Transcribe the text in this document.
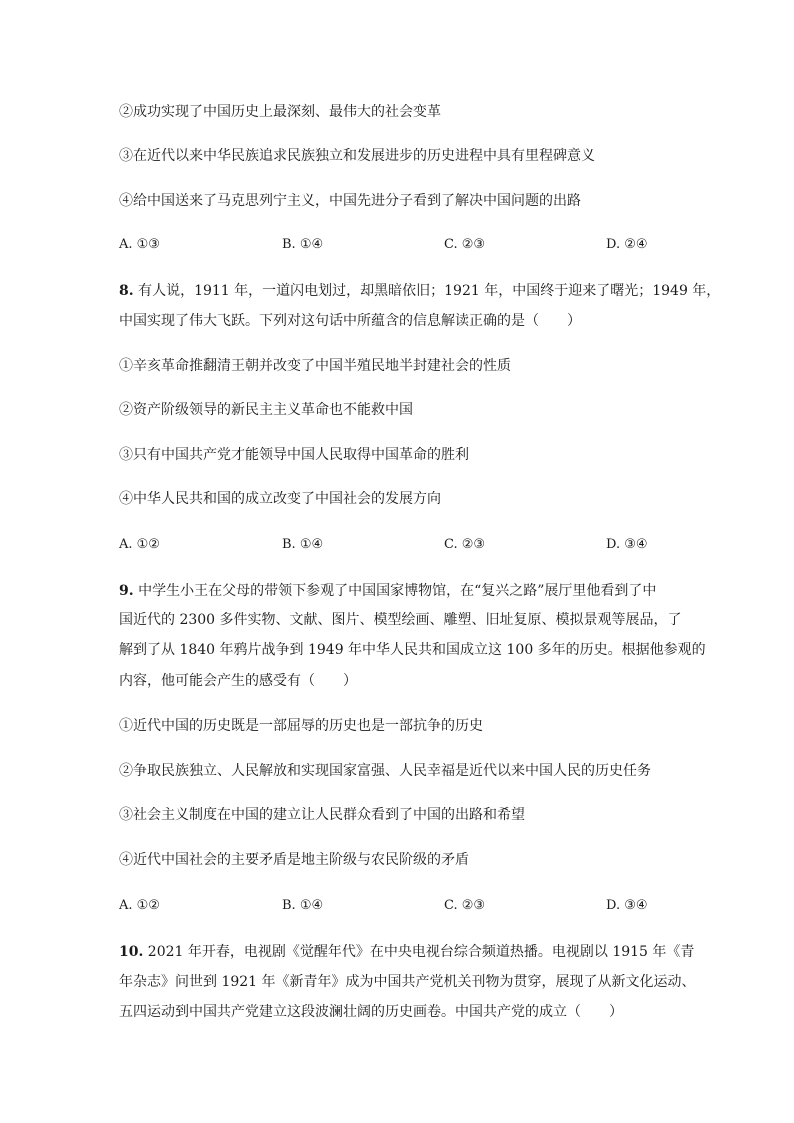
②成功实现了中国历史上最深刻、最伟大的社会变革
③在近代以来中华民族追求民族独立和发展进步的历史进程中具有里程碑意义
④给中国送来了马克思列宁主义，中国先进分子看到了解决中国问题的出路
A. ①③	B. ①④	C. ②③	D. ②④
8. 有人说，1911 年，一道闪电划过，却黑暗依旧；1921 年，中国终于迎来了曙光；1949 年，
中国实现了伟大飞跃。下列对这句话中所蕴含的信息解读正确的是（　　）
①辛亥革命推翻清王朝并改变了中国半殖民地半封建社会的性质
②资产阶级领导的新民主主义革命也不能救中国
③只有中国共产党才能领导中国人民取得中国革命的胜利
④中华人民共和国的成立改变了中国社会的发展方向
A. ①②	B. ①④	C. ②③	D. ③④
9. 中学生小王在父母的带领下参观了中国国家博物馆，在“复兴之路”展厅里他看到了中
国近代的 2300 多件实物、文献、图片、模型绘画、雕塑、旧址复原、模拟景观等展品，了
解到了从 1840 年鸦片战争到 1949 年中华人民共和国成立这 100 多年的历史。根据他参观的
内容，他可能会产生的感受有（　　）
①近代中国的历史既是一部屈辱的历史也是一部抗争的历史
②争取民族独立、人民解放和实现国家富强、人民幸福是近代以来中国人民的历史任务
③社会主义制度在中国的建立让人民群众看到了中国的出路和希望
④近代中国社会的主要矛盾是地主阶级与农民阶级的矛盾
A. ①②	B. ①④	C. ②③	D. ③④
10. 2021 年开春，电视剧《觉醒年代》在中央电视台综合频道热播。电视剧以 1915 年《青
年杂志》问世到 1921 年《新青年》成为中国共产党机关刊物为贯穿，展现了从新文化运动、
五四运动到中国共产党建立这段波澜壮阔的历史画卷。中国共产党的成立（　　）
